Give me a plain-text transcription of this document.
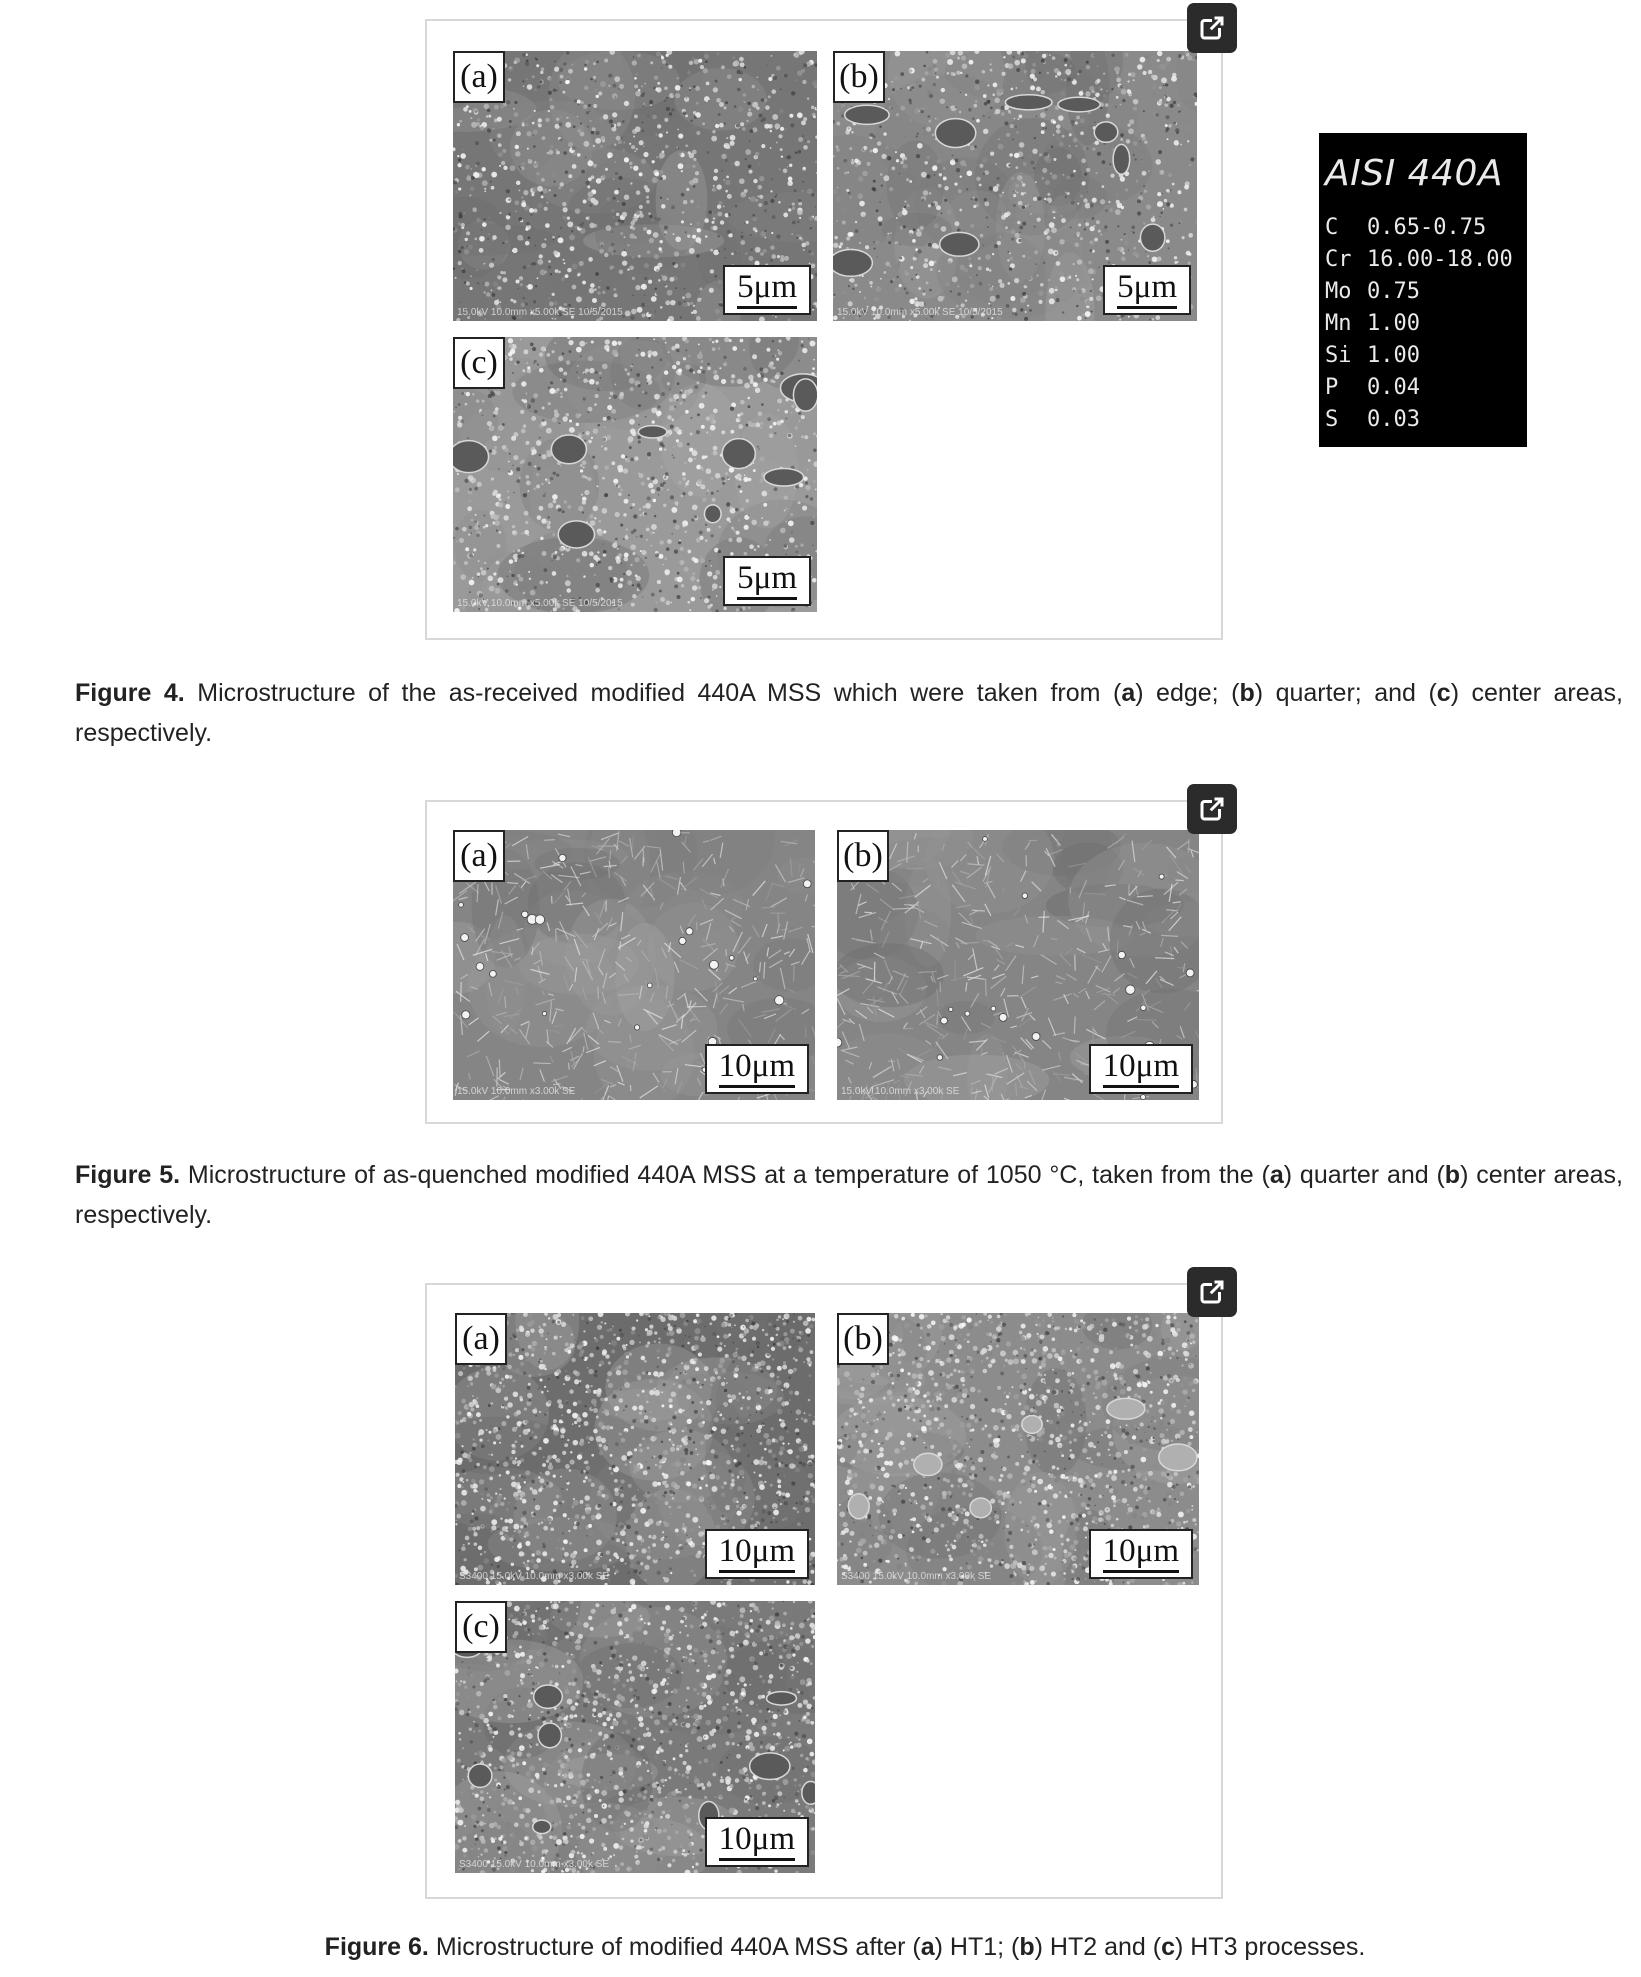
(a)
15.0kV 10.0mm x5.00k SE 10/5/2015
5μm
(b)
15.0kV 10.0mm x5.00k SE 10/5/2015
5μm
(c)
15.0kV 10.0mm x5.00k SE 10/5/2015
5μm
AISI 440A
C 0.65-0.75
Cr 16.00-18.00
Mo 0.75
Mn 1.00
Si 1.00
P 0.04
S 0.03
Figure 4. Microstructure of the as-received modified 440A MSS which were taken from (a) edge; (b) quarter; and (c) center areas, respectively.
(a)
15.0kV 10.0mm x3.00k SE
10μm
(b)
15.0kV 10.0mm x3.00k SE
10μm
Figure 5. Microstructure of as-quenched modified 440A MSS at a temperature of 1050 °C, taken from the (a) quarter and (b) center areas, respectively.
(a)
S3400 15.0kV 10.0mm x3.00k SE
10μm
(b)
S3400 15.0kV 10.0mm x3.00k SE
10μm
(c)
S3400 15.0kV 10.0mm x3.00k SE
10μm
Figure 6. Microstructure of modified 440A MSS after (a) HT1; (b) HT2 and (c) HT3 processes.
